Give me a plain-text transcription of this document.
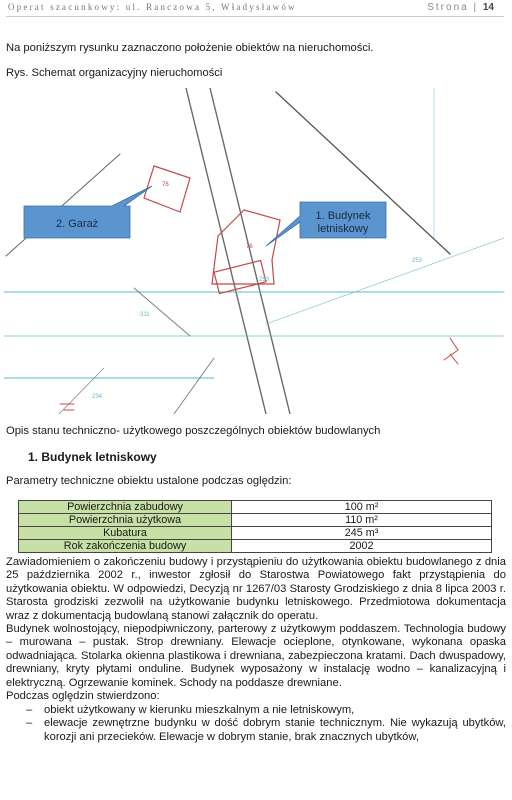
Operat szacunkowy: ul. Ranczowa 5, Władysławów	Strona | 14
Na poniższym rysunku zaznaczono położenie obiektów na nieruchomości.
Rys. Schemat organizacyjny nieruchomości
76
76
253
253
311
234
2. Garaż
1. Budynek
letniskowy
Opis stanu techniczno- użytkowego poszczególnych obiektów budowlanych
1. Budynek letniskowy
Parametry techniczne obiektu ustalone podczas oględzin:
Powierzchnia zabudowy	100 m²
Powierzchnia użytkowa	110 m²
Kubatura	245 m³
Rok zakończenia budowy	2002

Zawiadomieniem o zakończeniu budowy i przystąpieniu do użytkowania obiektu budowlanego z dnia 25 października 2002 r., inwestor zgłosił do Starostwa Powiatowego fakt przystąpienia do użytkowania obiektu. W odpowiedzi, Decyzją nr 1267/03 Starosty Grodziskiego z dnia 8 lipca 2003 r. Starosta grodziski zezwolił na użytkowanie budynku letniskowego. Przedmiotowa dokumentacja wraz z dokumentacją budowlaną stanowi załącznik do operatu.

Budynek wolnostojący, niepodpiwniczony, parterowy z użytkowym poddaszem. Technologia budowy – murowana – pustak. Strop drewniany. Elewacje ocieplone, otynkowane, wykonana opaska odwadniająca. Stolarka okienna plastikowa i drewniana, zabezpieczona kratami. Dach dwuspadowy, drewniany, kryty płytami onduline. Budynek wyposażony w instalację wodno – kanalizacyjną i elektryczną. Ogrzewanie kominek. Schody na poddasze drewniane.

Podczas oględzin stwierdzono:

– obiekt użytkowany w kierunku mieszkalnym a nie letniskowym,
– elewacje zewnętrzne budynku w dość dobrym stanie technicznym. Nie wykazują ubytków, korozji ani przecieków. Elewacje w dobrym stanie, brak znacznych ubytków,
